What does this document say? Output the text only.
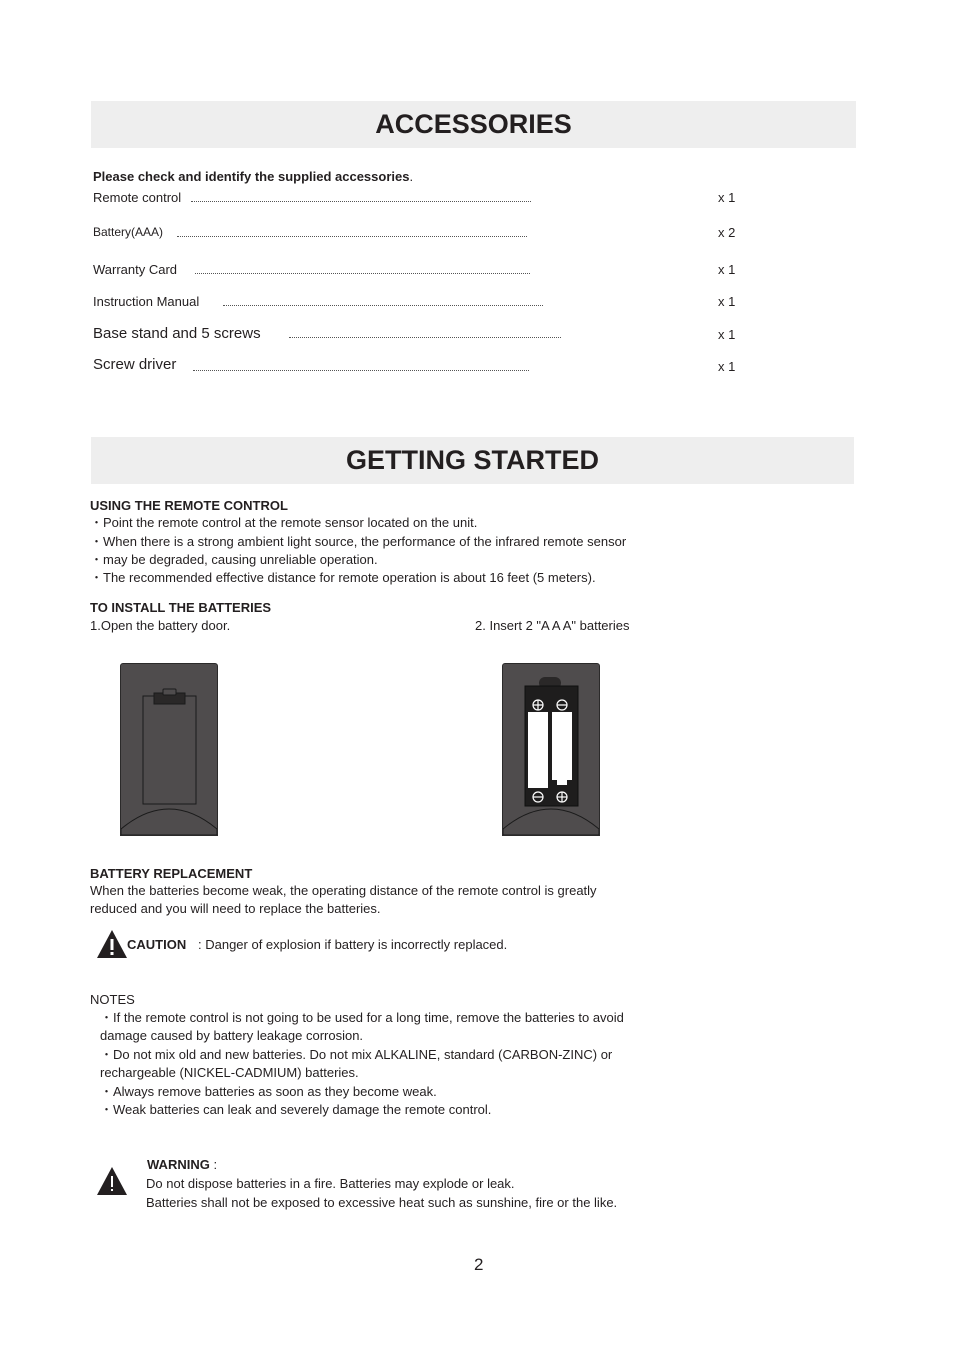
ACCESSORIES
Please check and identify the supplied accessories.
Remote control	x 1
Battery(AAA)	x 2
Warranty Card	x 1
Instruction Manual	x 1
Base stand and 5 screws	x 1
Screw driver	x 1
GETTING STARTED
USING THE REMOTE CONTROL
・Point the remote control at the remote sensor located on the unit.
・When there is a strong ambient light source, the performance of the infrared remote sensor
・may be degraded, causing unreliable operation.
・The recommended effective distance for remote operation is about 16 feet (5 meters).
TO INSTALL THE BATTERIES
1.Open the battery door.	2. Insert 2 "A A A" batteries
BATTERY REPLACEMENT
When the batteries become weak, the operating distance of the remote control is greatly
reduced and you will need to replace the batteries.
CAUTION : Danger of explosion if battery is incorrectly replaced.
NOTES
・If the remote control is not going to be used for a long time, remove the batteries to avoid
damage caused by battery leakage corrosion.
・Do not mix old and new batteries. Do not mix ALKALINE, standard (CARBON-ZINC) or
rechargeable (NICKEL-CADMIUM) batteries.
・Always remove batteries as soon as they become weak.
・Weak batteries can leak and severely damage the remote control.
WARNING :
Do not dispose batteries in a fire. Batteries may explode or leak.
Batteries shall not be exposed to excessive heat such as sunshine, fire or the like.
2
